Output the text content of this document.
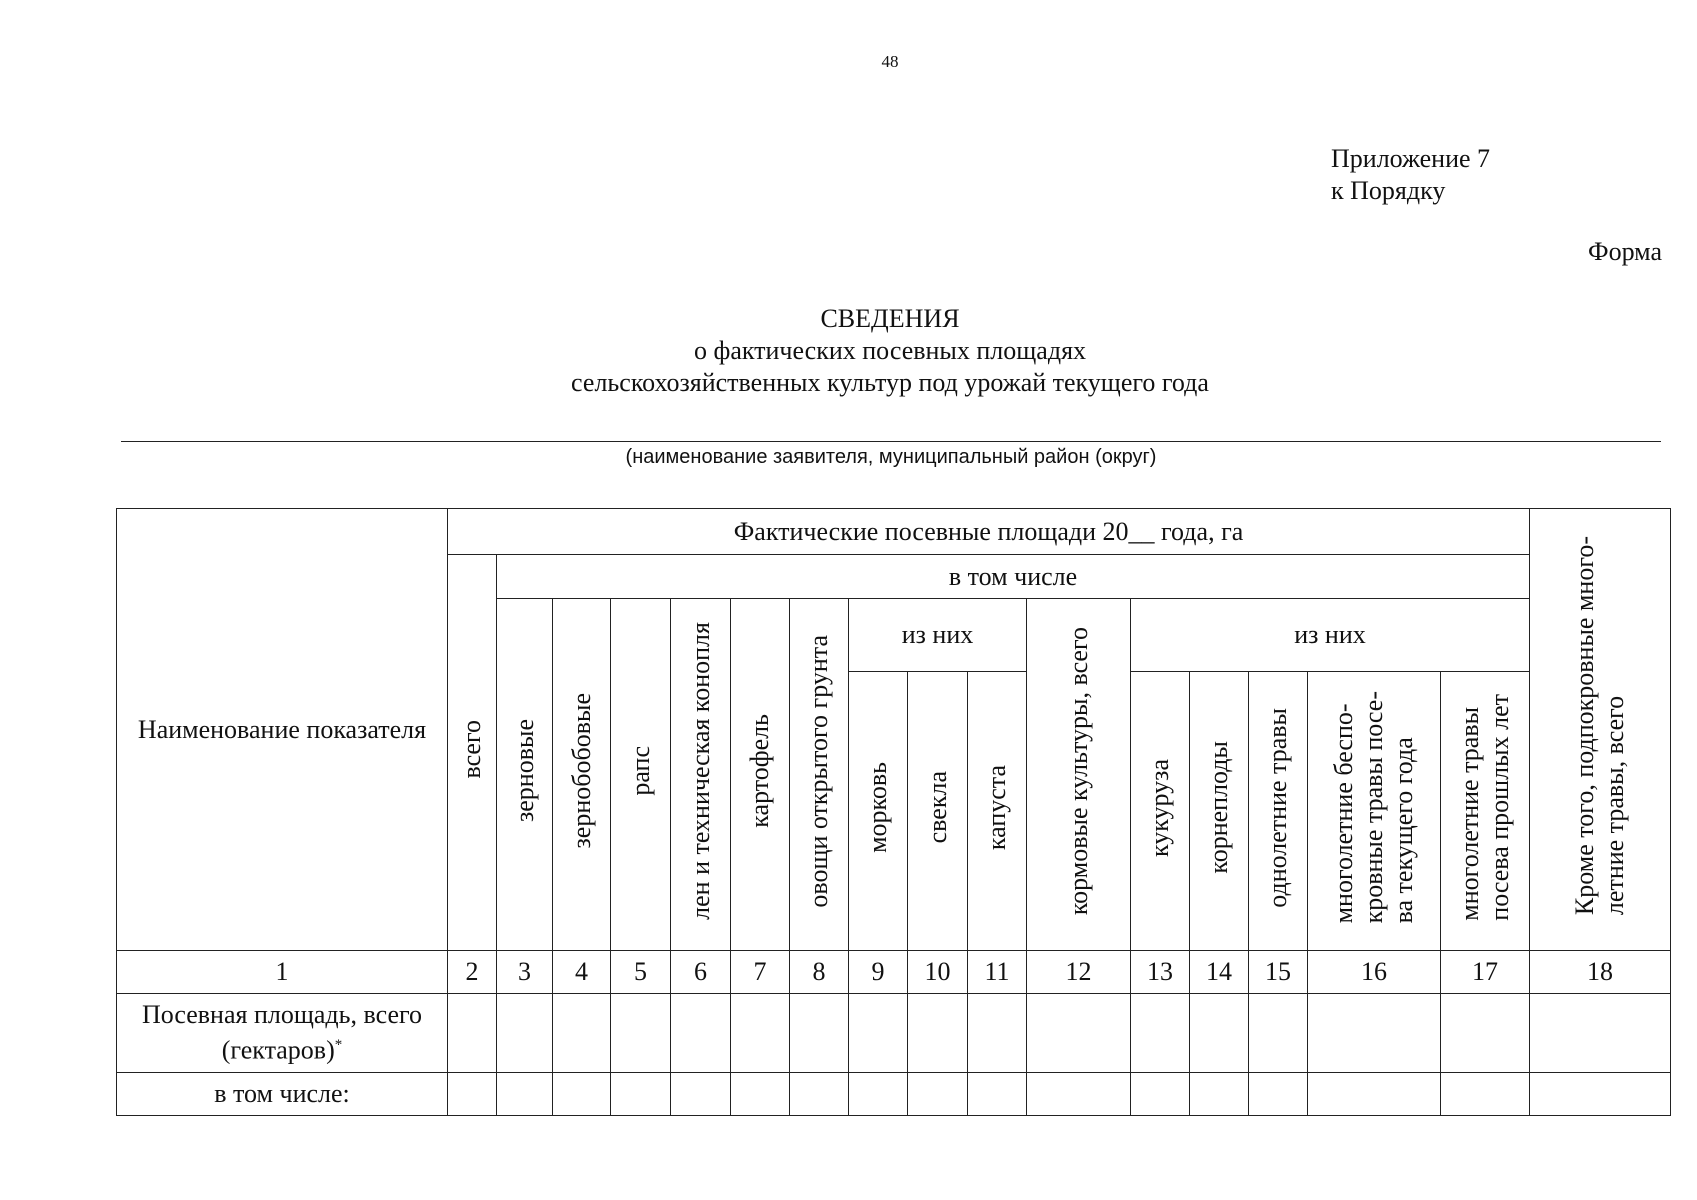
48
Приложение 7
к Порядку
Форма
СВЕДЕНИЯ
о фактических посевных площадях
сельскохозяйственных культур под урожай текущего года
(наименование заявителя, муниципальный район (округ)
Наименование показателя	Фактические посевные площади 20__ года, га																Кроме того, подпокровные много-
летние травы, всего
	всего	в том числе															
		зерновые	зернобобовые	рапс	лен и техническая конопля	картофель	овощи открытого грунта	из них			кормовые культуры, всего	из них					
								морковь	свекла	капуста		кукуруза	корнеплоды	однолетние травы	многолетние беспо-
кровные травы посе-
ва текущего года	многолетние травы
посева прошлых лет	
1	2	3	4	5	6	7	8	9	10	11	12	13	14	15	16	17	18
Посевная площадь, всего (гектаров)*																	
в том числе:																	
